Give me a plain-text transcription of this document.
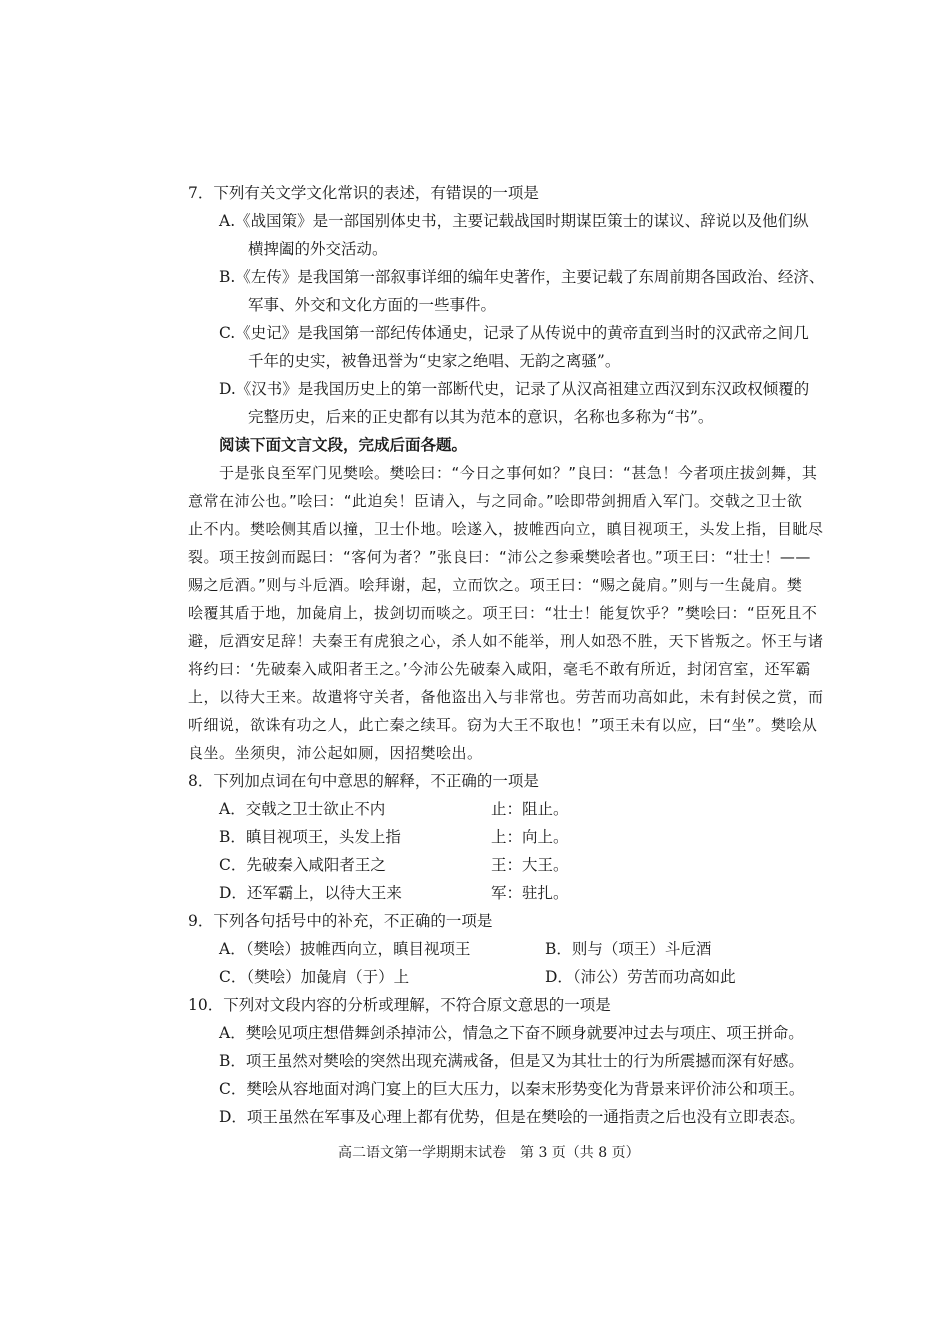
7．下列有关文学文化常识的表述，有错误的一项是
A.《战国策》是一部国别体史书，主要记载战国时期谋臣策士的谋议、辞说以及他们纵
横捭阖的外交活动。
B.《左传》是我国第一部叙事详细的编年史著作，主要记载了东周前期各国政治、经济、
军事、外交和文化方面的一些事件。
C.《史记》是我国第一部纪传体通史，记录了从传说中的黄帝直到当时的汉武帝之间几
千年的史实，被鲁迅誉为“史家之绝唱、无韵之离骚”。
D.《汉书》是我国历史上的第一部断代史，记录了从汉高祖建立西汉到东汉政权倾覆的
完整历史，后来的正史都有以其为范本的意识，名称也多称为“书”。
阅读下面文言文段，完成后面各题。
于是张良至军门见樊哙。樊哙曰：“今日之事何如？”良曰：“甚急！今者项庄拔剑舞，其
意常在沛公也。”哙曰：“此迫矣！臣请入，与之同命。”哙即带剑拥盾入军门。交戟之卫士欲
止不内。樊哙侧其盾以撞，卫士仆地。哙遂入，披帷西向立，瞋目视项王，头发上指，目眦尽
裂。项王按剑而跽曰：“客何为者？”张良曰：“沛公之参乘樊哙者也。”项王曰：“壮士！——
赐之卮酒。”则与斗卮酒。哙拜谢，起，立而饮之。项王曰：“赐之彘肩。”则与一生彘肩。樊
哙覆其盾于地，加彘肩上，拔剑切而啖之。项王曰：“壮士！能复饮乎？”樊哙曰：“臣死且不
避，卮酒安足辞！夫秦王有虎狼之心，杀人如不能举，刑人如恐不胜，天下皆叛之。怀王与诸
将约曰：‘先破秦入咸阳者王之。’今沛公先破秦入咸阳，毫毛不敢有所近，封闭宫室，还军霸
上，以待大王来。故遣将守关者，备他盗出入与非常也。劳苦而功高如此，未有封侯之赏，而
听细说，欲诛有功之人，此亡秦之续耳。窃为大王不取也！”项王未有以应，曰“坐”。樊哙从
良坐。坐须臾，沛公起如厕，因招樊哙出。
8．下列加点词在句中意思的解释，不正确的一项是
A．交戟之卫士欲止不内	止：阻止。
B．瞋目视项王，头发上指	上：向上。
C．先破秦入咸阳者王之	王：大王。
D．还军霸上，以待大王来	军：驻扎。
9．下列各句括号中的补充，不正确的一项是
A．（樊哙）披帷西向立，瞋目视项王	B．则与（项王）斗卮酒
C．（樊哙）加彘肩（于）上	D．（沛公）劳苦而功高如此
10．下列对文段内容的分析或理解，不符合原文意思的一项是
A．樊哙见项庄想借舞剑杀掉沛公，情急之下奋不顾身就要冲过去与项庄、项王拼命。
B．项王虽然对樊哙的突然出现充满戒备，但是又为其壮士的行为所震撼而深有好感。
C．樊哙从容地面对鸿门宴上的巨大压力，以秦末形势变化为背景来评价沛公和项王。
D．项王虽然在军事及心理上都有优势，但是在樊哙的一通指责之后也没有立即表态。
高二语文第一学期期末试卷　第 3 页（共 8 页）
